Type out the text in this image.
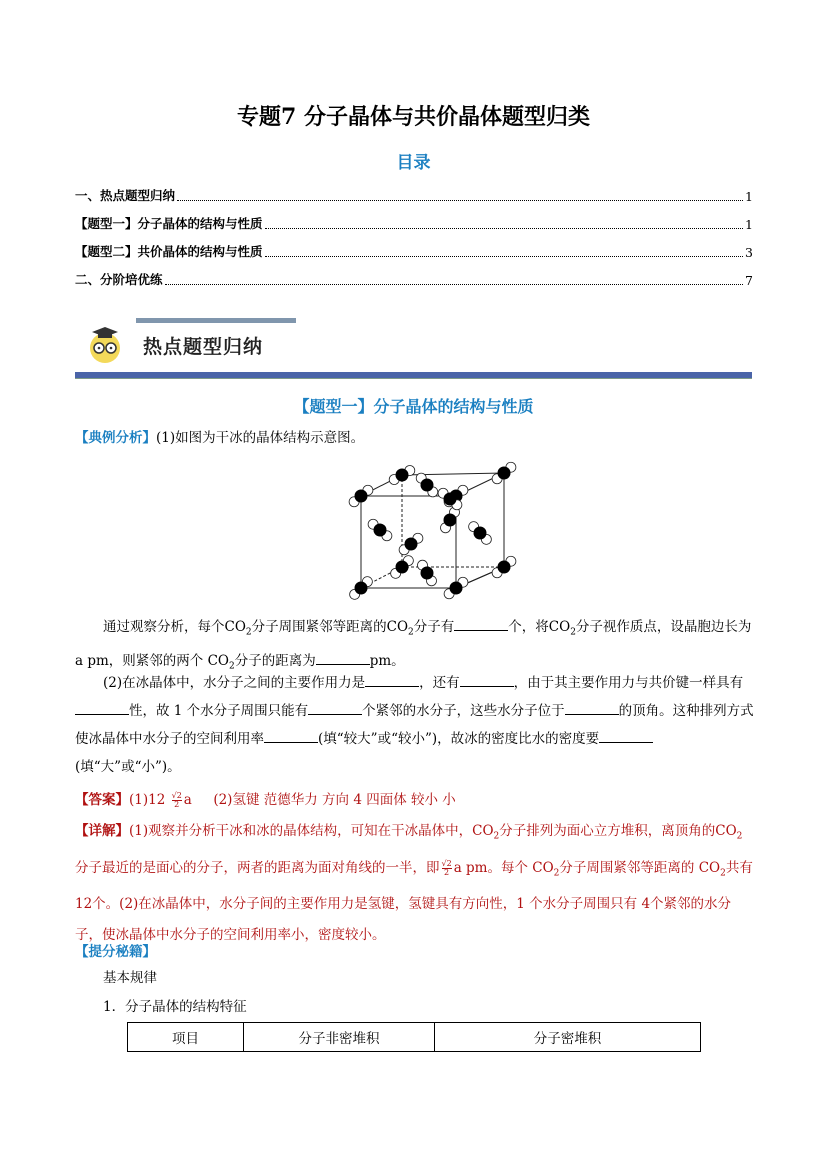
专题7 分子晶体与共价晶体题型归类
目录
一、热点题型归纳	1
【题型一】分子晶体的结构与性质	1
【题型二】共价晶体的结构与性质	3
二、分阶培优练	7
热点题型归纳
【题型一】分子晶体的结构与性质
【典例分析】(1)如图为干冰的晶体结构示意图。
通过观察分析，每个$CO_2$分子周围紧邻等距离的$CO_2$分子有	个，将$CO_2$分子视作质点，设晶胞边长为 a pm，则紧邻的两个 $CO_2$分子的距离为	pm。
(2)在冰晶体中，水分子之间的主要作用力是	，还有	，由于其主要作用力与共价键一样具有性，故 1 个水分子周围只能有	个紧邻的水分子，这些水分子位于	的顶角。这种排列方式使冰晶体中水分子的空间利用率	(填“较大”或“较小”)，故冰的密度比水的密度要(填“大”或“小”)。
【答案】$(1)12 \frac{√2}{2}$ a (2)氢键 范德华力 方向 4 四面体 较小 小
【详解】(1)观察并分析干冰和冰的晶体结构，可知在干冰晶体中，$CO_2$分子排列为面心立方堆积，离顶角的$CO_2$分子最近的是面心的分子，两者的距离为面对角线的一半，即 $\frac{√2}{2}$ a pm。每个 $CO_2$分子周围紧邻等距离的 $CO_2$共有 12个。(2)在冰晶体中，水分子间的主要作用力是氢键，氢键具有方向性，1 个水分子周围只有 4个紧邻的水分子，使冰晶体中水分子的空间利用率小，密度较小。
【提分秘籍】
基本规律
1．分子晶体的结构特征
项目	分子非密堆积	分子密堆积
